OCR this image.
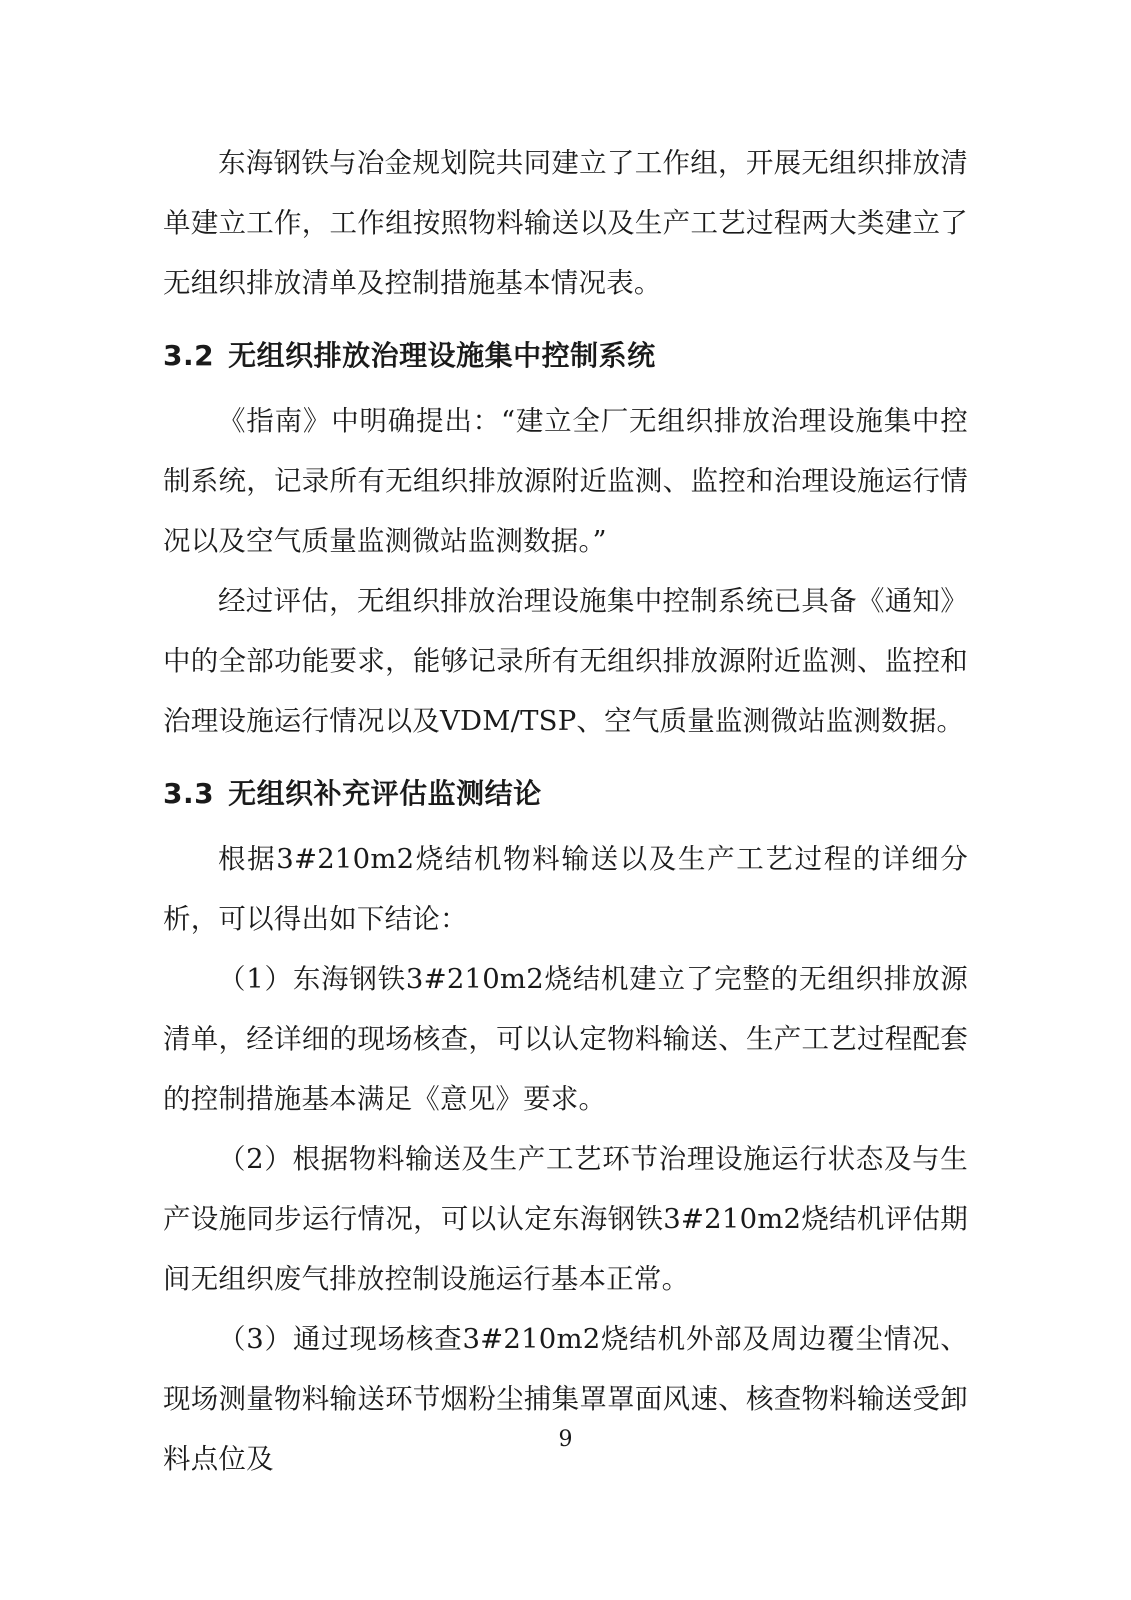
东海钢铁与冶金规划院共同建立了工作组，开展无组织排放清单建立工作，工作组按照物料输送以及生产工艺过程两大类建立了无组织排放清单及控制措施基本情况表。

3.2 无组织排放治理设施集中控制系统

《指南》中明确提出：“建立全厂无组织排放治理设施集中控制系统，记录所有无组织排放源附近监测、监控和治理设施运行情况以及空气质量监测微站监测数据。”

经过评估，无组织排放治理设施集中控制系统已具备《通知》中的全部功能要求，能够记录所有无组织排放源附近监测、监控和治理设施运行情况以及VDM/TSP、空气质量监测微站监测数据。

3.3 无组织补充评估监测结论

根据3#210m2烧结机物料输送以及生产工艺过程的详细分析，可以得出如下结论：

（1）东海钢铁3#210m2烧结机建立了完整的无组织排放源清单，经详细的现场核查，可以认定物料输送、生产工艺过程配套的控制措施基本满足《意见》要求。

（2）根据物料输送及生产工艺环节治理设施运行状态及与生产设施同步运行情况，可以认定东海钢铁3#210m2烧结机评估期间无组织废气排放控制设施运行基本正常。

（3）通过现场核查3#210m2烧结机外部及周边覆尘情况、现场测量物料输送环节烟粉尘捕集罩罩面风速、核查物料输送受卸料点位及

9
